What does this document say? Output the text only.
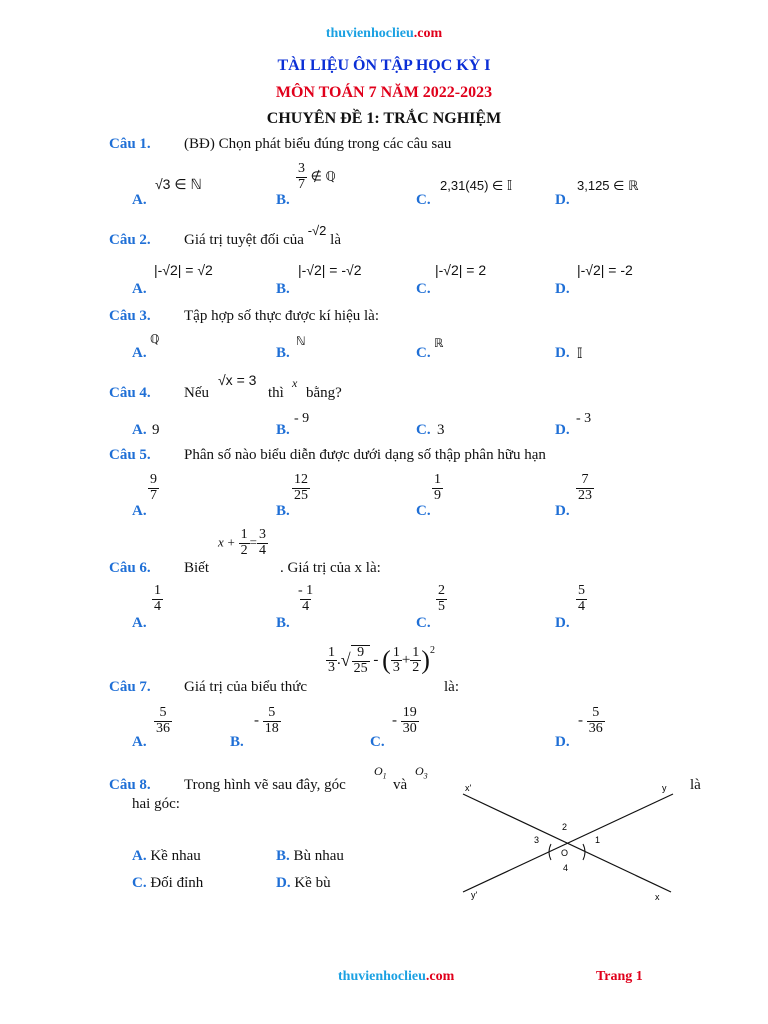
thuvienhoclieu.com
TÀI LIỆU ÔN TẬP HỌC KỲ I
MÔN TOÁN 7 NĂM 2022-2023
CHUYÊN ĐỀ 1: TRẮC NGHIỆM
Câu 1. (BĐ) Chọn phát biểu đúng trong các câu sau
A.
√3 ∈ ℕ
B.
$\frac{3}{7}$ ∉ ℚ
C.
2,31(45) ∈ 𝕀
D.
3,125 ∈ ℝ
Câu 2. Giá trị tuyệt đối của -√2 là
A.
|-√2| = √2
B.
|-√2| = -√2
C.
|-√2| = 2
D.
|-√2| = -2
Câu 3. Tập hợp số thực được kí hiệu là:
A.
ℚ
B.
ℕ
C.
ℝ
D. 𝕀
Câu 4. Nếu
√x = 3
thì
x
bằng?
A. 9	B.
- 9
C. 3	D.
- 3
Câu 5. Phân số nào biểu diễn được dưới dạng số thập phân hữu hạn
A.
$\frac{9}{7}$
B.
$\frac{12}{25}$
C.
$\frac{1}{9}$
D.
$\frac{7}{23}$
Câu 6. Biết
$x + \frac{1}{2} = \frac{3}{4}$
. Giá trị của x là:
A.
$\frac{1}{4}$
B.
$\frac{- 1}{4}$
C.
$\frac{2}{5}$
D.
$\frac{5}{4}$
Câu 7. Giá trị của biểu thức
$\frac{1}{3}$ .√ $\frac{9}{25}$ - ( $\frac{1}{3} + \frac{1}{2} )^2$
là:
A.
$\frac{5}{36}$
B.
- $\frac{5}{18}$
C.
- $\frac{19}{30}$
D.
- $\frac{5}{36}$
Câu 8. Trong hình vẽ sau đây, góc
$O_1$
và
$O_3$
là
hai góc:
A. Kề nhau	B. Bù nhau
C. Đối đỉnh	D. Kề bù
x'	y
y'	x
1
2
3
4
O
thuvienhoclieu.com	Trang 1
